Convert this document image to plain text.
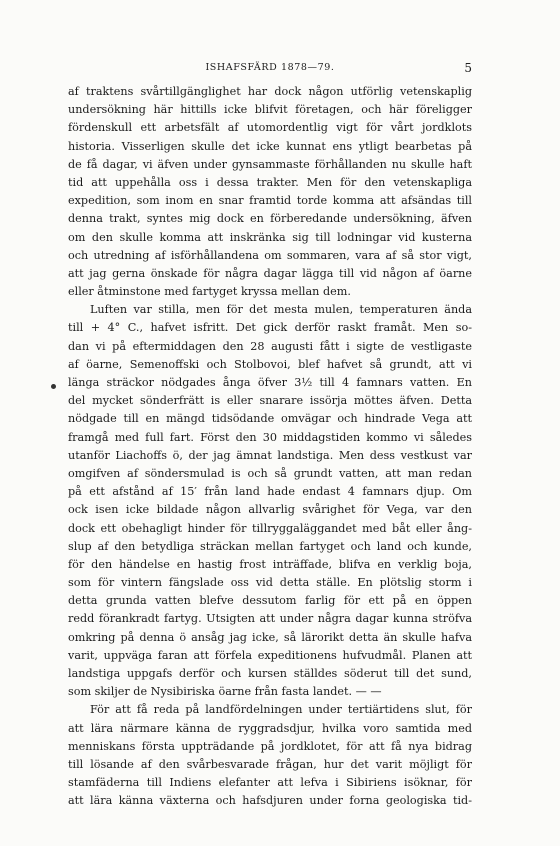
ISHAFSFÄRD 1878—79.	5
af traktens svårtillgänglighet har dock någon utförlig vetenskaplig
undersökning här hittills icke blifvit företagen, och här föreligger
fördenskull ett arbetsfält af utomordentlig vigt för vårt jordklots
historia. Visserligen skulle det icke kunnat ens ytligt bearbetas på
de få dagar, vi äfven under gynsammaste förhållanden nu skulle haft
tid att uppehålla oss i dessa trakter. Men för den vetenskapliga
expedition, som inom en snar framtid torde komma att afsändas till
denna trakt, syntes mig dock en förberedande undersökning, äfven
om den skulle komma att inskränka sig till lodningar vid kusterna
och utredning af isförhållandena om sommaren, vara af så stor vigt,
att jag gerna önskade för några dagar lägga till vid någon af öarne
eller åtminstone med fartyget kryssa mellan dem.
Luften var stilla, men för det mesta mulen, temperaturen ända
till + 4° C., hafvet isfritt. Det gick derför raskt framåt. Men so-
dan vi på eftermiddagen den 28 augusti fått i sigte de vestligaste
af öarne, Semenoffski och Stolbovoi, blef hafvet så grundt, att vi
länga sträckor nödgades ånga öfver 3½ till 4 famnars vatten. En
del mycket sönderfrätt is eller snarare issörja möttes äfven. Detta
nödgade till en mängd tidsödande omvägar och hindrade Vega att
framgå med full fart. Först den 30 middagstiden kommo vi således
utanför Liachoffs ö, der jag ämnat landstiga. Men dess vestkust var
omgifven af söndersmulad is och så grundt vatten, att man redan
på ett afstånd af 15′ från land hade endast 4 famnars djup. Om
ock isen icke bildade någon allvarlig svårighet för Vega, var den
dock ett obehagligt hinder för tillryggaläggandet med båt eller ång-
slup af den betydliga sträckan mellan fartyget och land och kunde,
för den händelse en hastig frost inträffade, blifva en verklig boja,
som för vintern fängslade oss vid detta ställe. En plötslig storm i
detta grunda vatten blefve dessutom farlig för ett på en öppen
redd förankradt fartyg. Utsigten att under några dagar kunna ströfva
omkring på denna ö ansåg jag icke, så lärorikt detta än skulle hafva
varit, uppväga faran att förfela expeditionens hufvudmål. Planen att
landstiga uppgafs derför och kursen ställdes söderut till det sund,
som skiljer de Nysibiriska öarne från fasta landet. — —
För att få reda på landfördelningen under tertiärtidens slut, för
att lära närmare känna de ryggradsdjur, hvilka voro samtida med
menniskans första uppträdande på jordklotet, för att få nya bidrag
till lösande af den svårbesvarade frågan, hur det varit möjligt för
stamfäderna till Indiens elefanter att lefva i Sibiriens isöknar, för
att lära känna växterna och hafsdjuren under forna geologiska tid-
